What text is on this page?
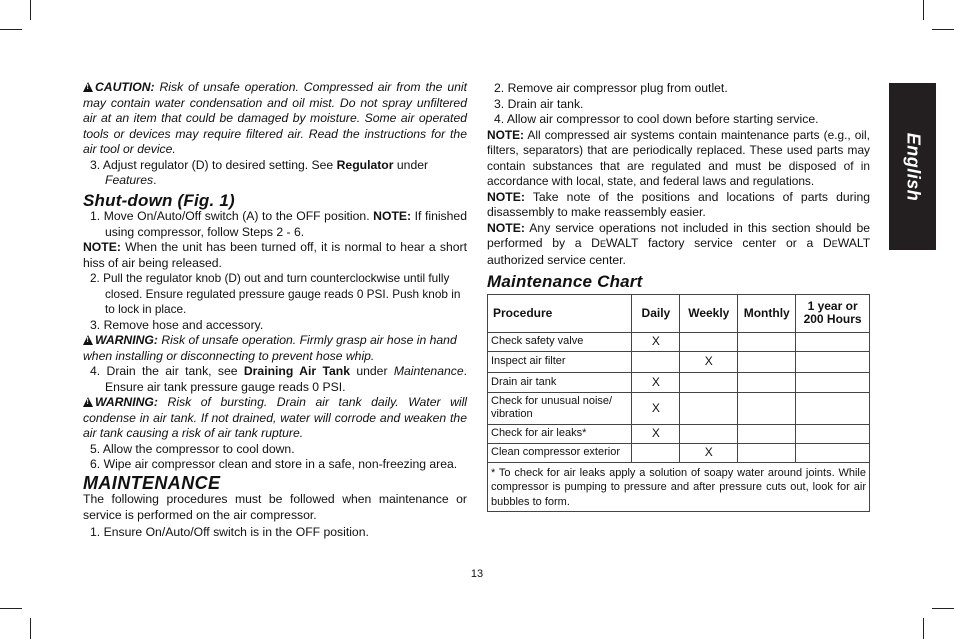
English

!CAUTION: Risk of unsafe operation. Compressed air from the unit may contain water condensation and oil mist. Do not spray unfiltered air at an item that could be damaged by moisture. Some air operated tools or devices may require filtered air. Read the instructions for the air tool or device.

3. Adjust regulator (D) to desired setting. See Regulator under
Features.

Shut-down (Fig. 1)

1. Move On/Auto/Off switch (A) to the OFF position. NOTE: If finished using compressor, follow Steps 2 - 6.

NOTE: When the unit has been turned off, it is normal to hear a short hiss of air being released.

2. Pull the regulator knob (D) out and turn counterclockwise until fully closed. Ensure regulated pressure gauge reads 0 PSI. Push knob in to lock in place.

3. Remove hose and accessory.

!WARNING: Risk of unsafe operation. Firmly grasp air hose in hand when installing or disconnecting to prevent hose whip.

4. Drain the air tank, see Draining Air Tank under Maintenance. Ensure air tank pressure gauge reads 0 PSI.

!WARNING: Risk of bursting. Drain air tank daily. Water will condense in air tank. If not drained, water will corrode and weaken the air tank causing a risk of air tank rupture.

5. Allow the compressor to cool down.

6. Wipe air compressor clean and store in a safe, non-freezing area.

MAINTENANCE

The following procedures must be followed when maintenance or service is performed on the air compressor.

1. Ensure On/Auto/Off switch is in the OFF position.

2. Remove air compressor plug from outlet.

3. Drain air tank.

4. Allow air compressor to cool down before starting service.

NOTE: All compressed air systems contain maintenance parts (e.g., oil, filters, separators) that are periodically replaced. These used parts may contain substances that are regulated and must be disposed of in accordance with local, state, and federal laws and regulations.

NOTE: Take note of the positions and locations of parts during disassembly to make reassembly easier.

NOTE: Any service operations not included in this section should be performed by a DEWALT factory service center or a DEWALT authorized service center.

Maintenance Chart
Procedure	Daily	Weekly	Monthly	1 year or 200 Hours
Check safety valve	X			
Inspect air filter		X		
Drain air tank	X			
Check for unusual noise/ vibration	X			
Check for air leaks*	X			
Clean compressor exterior		X		
* To check for air leaks apply a solution of soapy water around joints. While compressor is pumping to pressure and after pressure cuts out, look for air bubbles to form.				
13
